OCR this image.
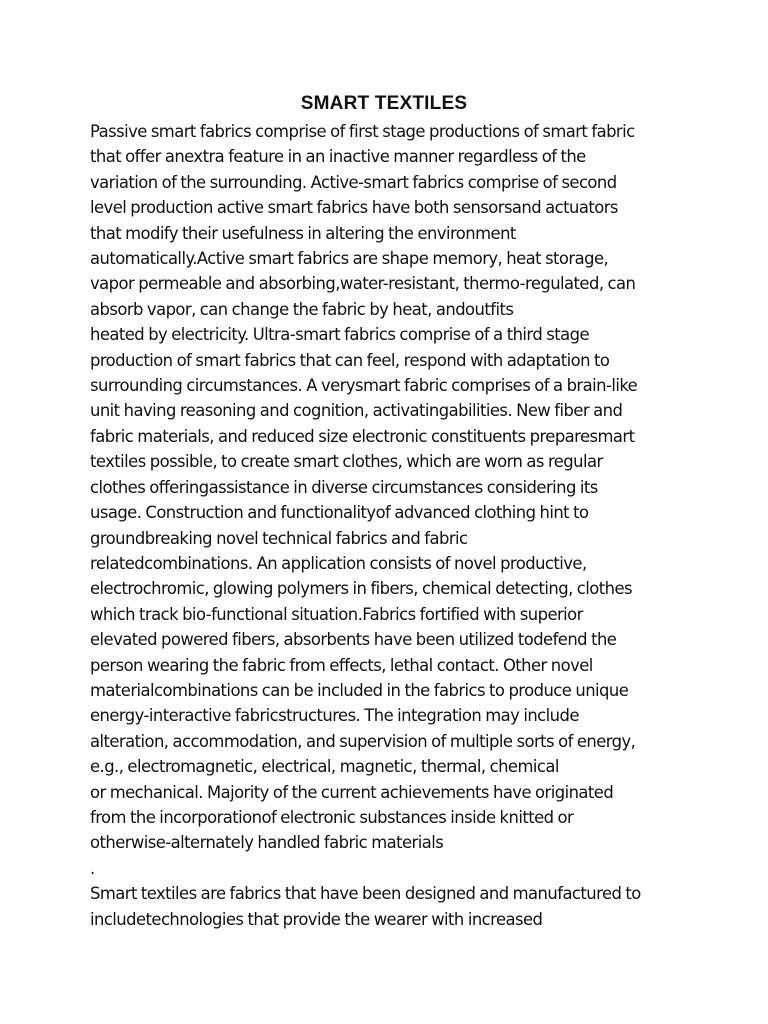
SMART TEXTILES
Passive smart fabrics comprise of first stage productions of smart fabric
that offer anextra feature in an inactive manner regardless of the
variation of the surrounding. Active-smart fabrics comprise of second
level production active smart fabrics have both sensorsand actuators
that modify their usefulness in altering the environment
automatically.Active smart fabrics are shape memory, heat storage,
vapor permeable and absorbing,water-resistant, thermo-regulated, can
absorb vapor, can change the fabric by heat, andoutfits
heated by electricity. Ultra-smart fabrics comprise of a third stage
production of smart fabrics that can feel, respond with adaptation to
surrounding circumstances. A verysmart fabric comprises of a brain-like
unit having reasoning and cognition, activatingabilities. New fiber and
fabric materials, and reduced size electronic constituents preparesmart
textiles possible, to create smart clothes, which are worn as regular
clothes offeringassistance in diverse circumstances considering its
usage. Construction and functionalityof advanced clothing hint to
groundbreaking novel technical fabrics and fabric
relatedcombinations. An application consists of novel productive,
electrochromic, glowing polymers in fibers, chemical detecting, clothes
which track bio-functional situation.Fabrics fortified with superior
elevated powered fibers, absorbents have been utilized todefend the
person wearing the fabric from effects, lethal contact. Other novel
materialcombinations can be included in the fabrics to produce unique
energy-interactive fabricstructures. The integration may include
alteration, accommodation, and supervision of multiple sorts of energy,
e.g., electromagnetic, electrical, magnetic, thermal, chemical
or mechanical. Majority of the current achievements have originated
from the incorporationof electronic substances inside knitted or
otherwise-alternately handled fabric materials
.
Smart textiles are fabrics that have been designed and manufactured to
includetechnologies that provide the wearer with increased
